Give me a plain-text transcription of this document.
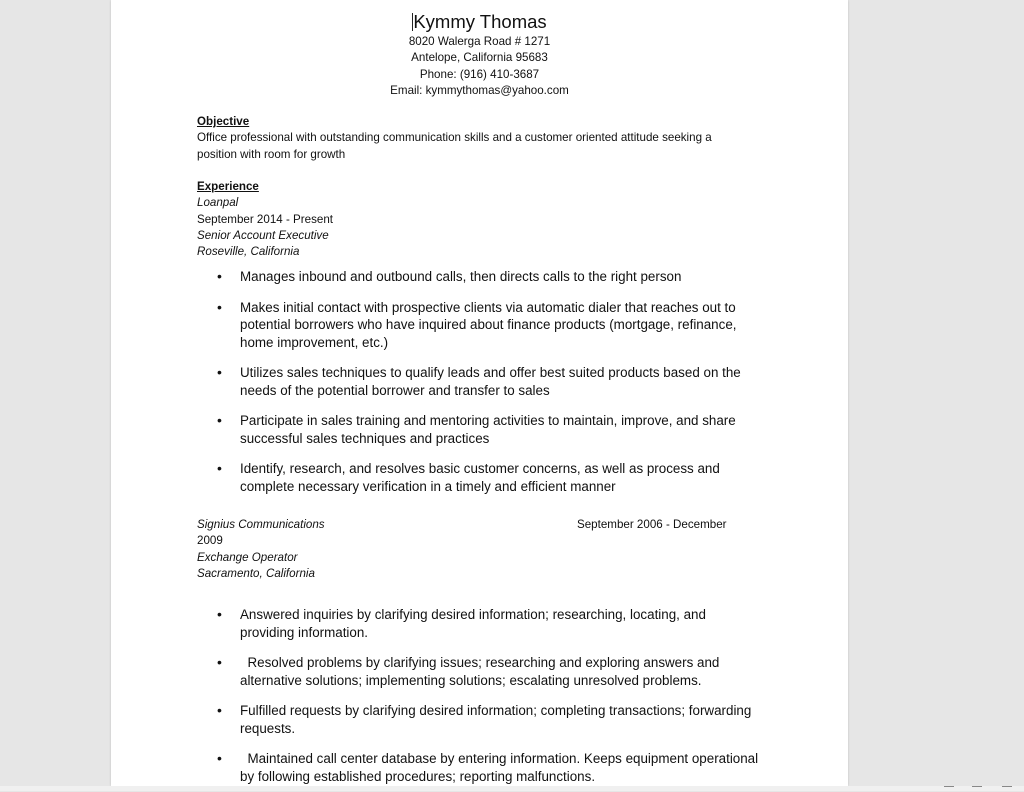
Kymmy Thomas
8020 Walerga Road # 1271
Antelope, California 95683
Phone: (916) 410-3687
Email: kymmythomas@yahoo.com
Objective
Office professional with outstanding communication skills and a customer oriented attitude seeking a
position with room for growth
Experience
Loanpal
September 2014 - Present
Senior Account Executive
Roseville, California
• Manages inbound and outbound calls, then directs calls to the right person
• Makes initial contact with prospective clients via automatic dialer that reaches out to potential borrowers who have inquired about finance products (mortgage, refinance, home improvement, etc.)
• Utilizes sales techniques to qualify leads and offer best suited products based on the needs of the potential borrower and transfer to sales
• Participate in sales training and mentoring activities to maintain, improve, and share successful sales techniques and practices
• Identify, research, and resolves basic customer concerns, as well as process and complete necessary verification in a timely and efficient manner
Signius Communications	September 2006 - December
2009
Exchange Operator
Sacramento, California
• Answered inquiries by clarifying desired information; researching, locating, and providing information.
• Resolved problems by clarifying issues; researching and exploring answers and alternative solutions; implementing solutions; escalating unresolved problems.
• Fulfilled requests by clarifying desired information; completing transactions; forwarding requests.
• Maintained call center database by entering information. Keeps equipment operational by following established procedures; reporting malfunctions.
